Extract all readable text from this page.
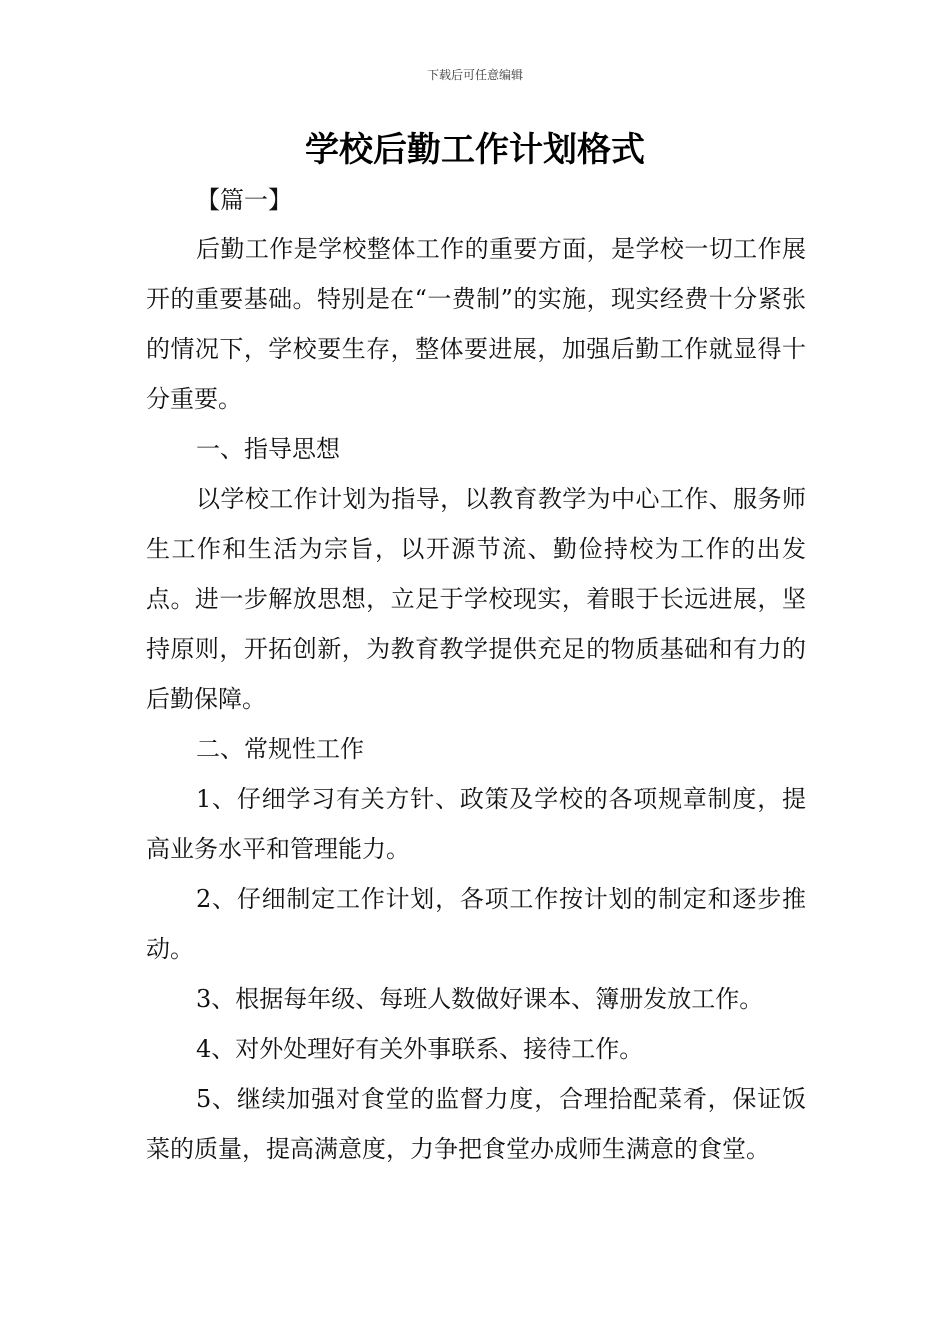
下载后可任意编辑
学校后勤工作计划格式
【篇一】

后勤工作是学校整体工作的重要方面，是学校一切工作展开的重要基础。特别是在“一费制”的实施，现实经费十分紧张的情况下，学校要生存，整体要进展，加强后勤工作就显得十分重要。

一、指导思想

以学校工作计划为指导，以教育教学为中心工作、服务师生工作和生活为宗旨，以开源节流、勤俭持校为工作的出发点。进一步解放思想，立足于学校现实，着眼于长远进展，坚持原则，开拓创新，为教育教学提供充足的物质基础和有力的后勤保障。

二、常规性工作

1、仔细学习有关方针、政策及学校的各项规章制度，提高业务水平和管理能力。

2、仔细制定工作计划，各项工作按计划的制定和逐步推动。

3、根据每年级、每班人数做好课本、簿册发放工作。

4、对外处理好有关外事联系、接待工作。

5、继续加强对食堂的监督力度，合理拾配菜肴，保证饭菜的质量，提高满意度，力争把食堂办成师生满意的食堂。
